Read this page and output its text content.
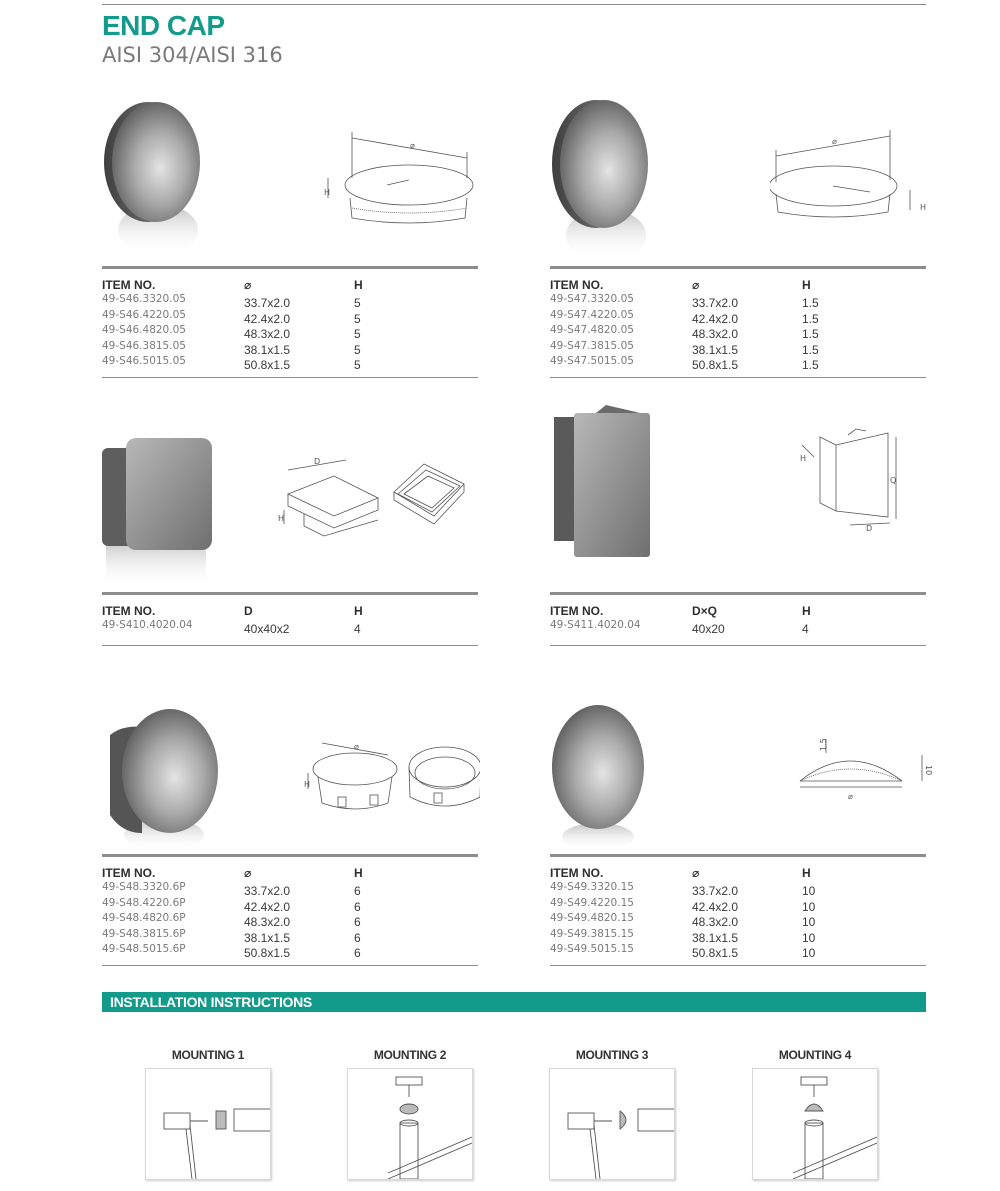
END CAP
AISI 304/AISI 316
⌀
H
ITEM NO.	⌀	H
49-S46.3320.05	33.7x2.0	5
49-S46.4220.05	42.4x2.0	5
49-S46.4820.05	48.3x2.0	5
49-S46.3815.05	38.1x1.5	5
49-S46.5015.05	50.8x1.5	5
⌀
H
ITEM NO.	⌀	H
49-S47.3320.05	33.7x2.0	1.5
49-S47.4220.05	42.4x2.0	1.5
49-S47.4820.05	48.3x2.0	1.5
49-S47.3815.05	38.1x1.5	1.5
49-S47.5015.05	50.8x1.5	1.5
D
H
ITEM NO.	D	H
49-S410.4020.04	40x40x2	4
H
Q
D
ITEM NO.	D×Q	H
49-S411.4020.04	40x20	4
⌀
H
ITEM NO.	⌀	H
49-S48.3320.6P	33.7x2.0	6
49-S48.4220.6P	42.4x2.0	6
49-S48.4820.6P	48.3x2.0	6
49-S48.3815.6P	38.1x1.5	6
49-S48.5015.6P	50.8x1.5	6
1.5
10
⌀
ITEM NO.	⌀	H
49-S49.3320.15	33.7x2.0	10
49-S49.4220.15	42.4x2.0	10
49-S49.4820.15	48.3x2.0	10
49-S49.3815.15	38.1x1.5	10
49-S49.5015.15	50.8x1.5	10
INSTALLATION INSTRUCTIONS
MOUNTING 1	MOUNTING 2	MOUNTING 3	MOUNTING 4
